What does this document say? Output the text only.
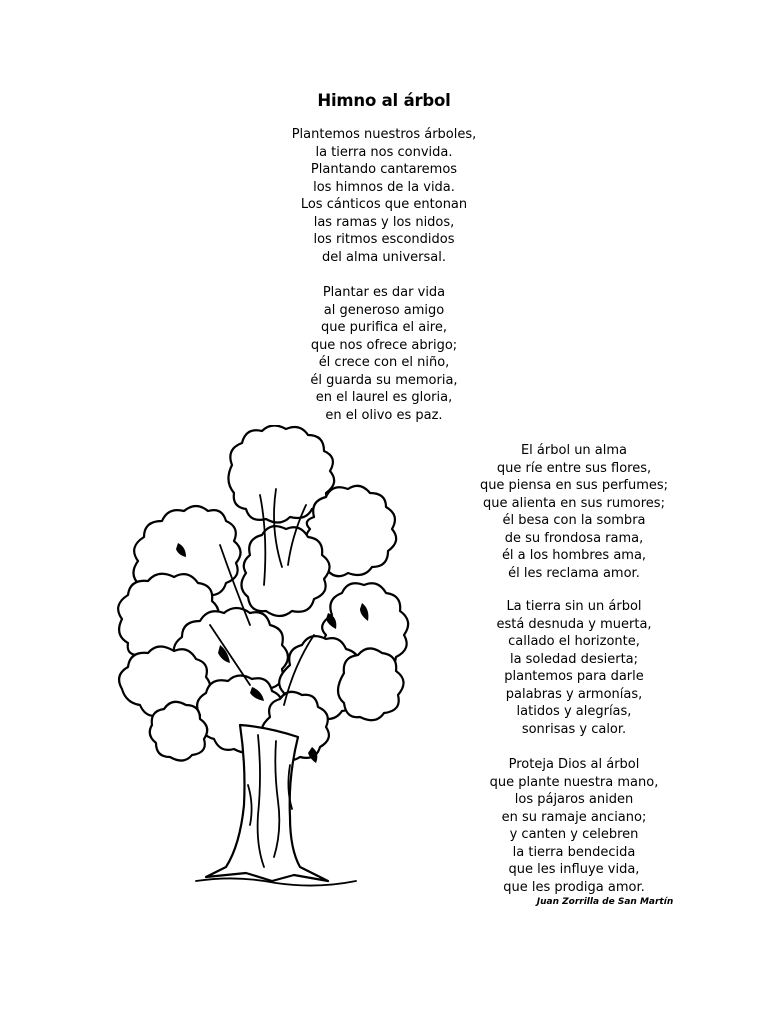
Himno al árbol
Plantemos nuestros árboles,
la tierra nos convida.
Plantando cantaremos
los himnos de la vida.
Los cánticos que entonan
las ramas y los nidos,
los ritmos escondidos
del alma universal.
Plantar es dar vida
al generoso amigo
que purifica el aire,
que nos ofrece abrigo;
él crece con el niño,
él guarda su memoria,
en el laurel es gloria,
en el olivo es paz.
El árbol un alma
que ríe entre sus flores,
que piensa en sus perfumes;
que alienta en sus rumores;
él besa con la sombra
de su frondosa rama,
él a los hombres ama,
él les reclama amor.
La tierra sin un árbol
está desnuda y muerta,
callado el horizonte,
la soledad desierta;
plantemos para darle
palabras y armonías,
latidos y alegrías,
sonrisas y calor.
Proteja Dios al árbol
que plante nuestra mano,
los pájaros aniden
en su ramaje anciano;
y canten y celebren
la tierra bendecida
que les influye vida,
que les prodiga amor.
Juan Zorrilla de San Martín
